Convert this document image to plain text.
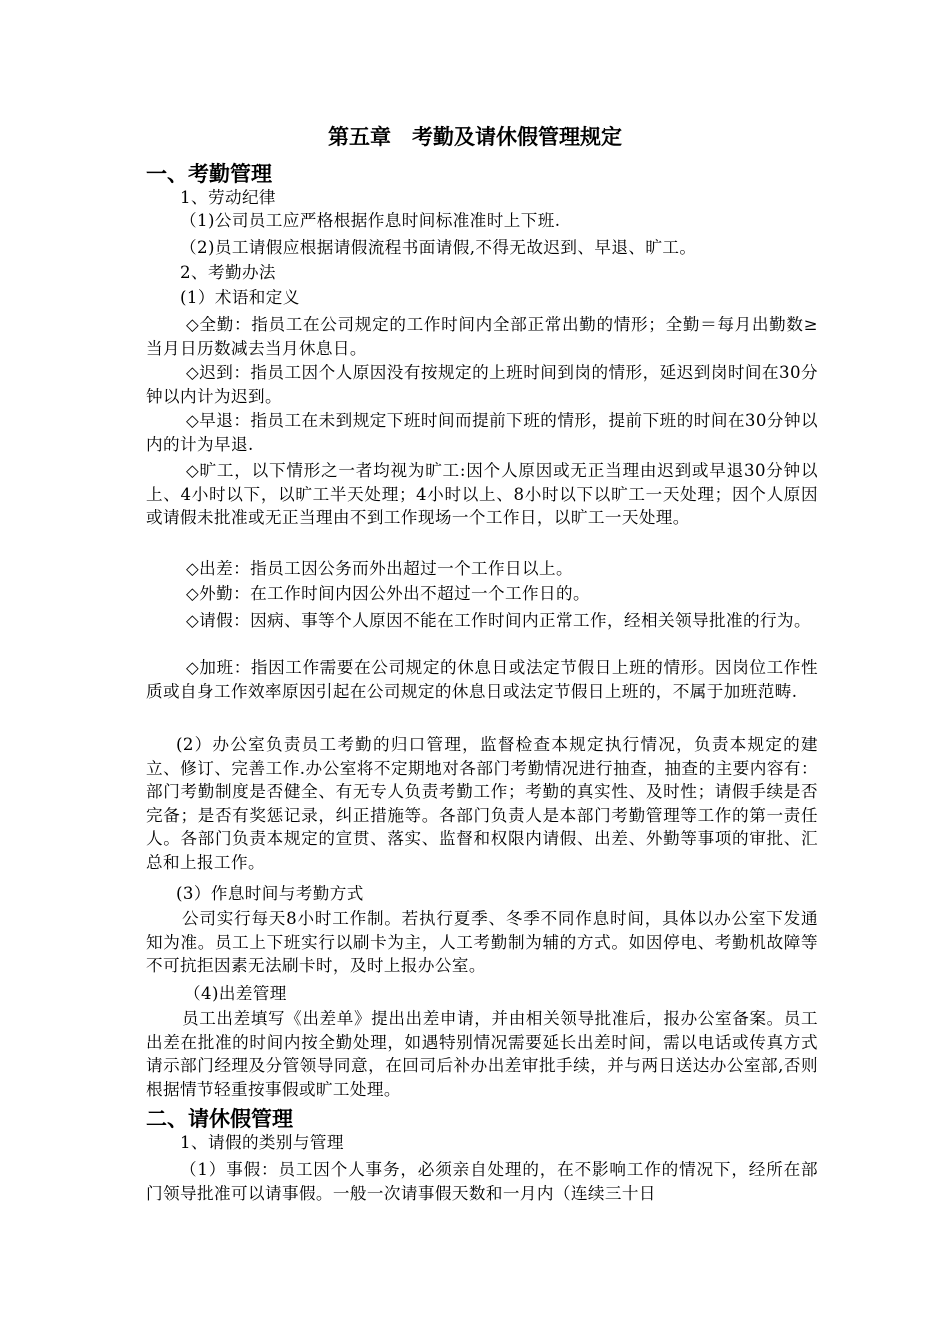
第五章　考勤及请休假管理规定
一、考勤管理
1、劳动纪律
（1)公司员工应严格根据作息时间标准准时上下班.
（2)员工请假应根据请假流程书面请假,不得无故迟到、早退、旷工。
2、考勤办法
(1）术语和定义
◇全勤：指员工在公司规定的工作时间内全部正常出勤的情形；全勤＝每月出勤数≥当月日历数减去当月休息日。
◇迟到：指员工因个人原因没有按规定的上班时间到岗的情形，延迟到岗时间在30分钟以内计为迟到。
◇早退：指员工在未到规定下班时间而提前下班的情形，提前下班的时间在30分钟以内的计为早退.
◇旷工，以下情形之一者均视为旷工:因个人原因或无正当理由迟到或早退30分钟以上、4小时以下，以旷工半天处理；4小时以上、8小时以下以旷工一天处理；因个人原因或请假未批准或无正当理由不到工作现场一个工作日，以旷工一天处理。
◇出差：指员工因公务而外出超过一个工作日以上。
◇外勤：在工作时间内因公外出不超过一个工作日的。
◇请假：因病、事等个人原因不能在工作时间内正常工作，经相关领导批准的行为。
◇加班：指因工作需要在公司规定的休息日或法定节假日上班的情形。因岗位工作性质或自身工作效率原因引起在公司规定的休息日或法定节假日上班的，不属于加班范畴.
(2）办公室负责员工考勤的归口管理，监督检查本规定执行情况，负责本规定的建立、修订、完善工作.办公室将不定期地对各部门考勤情况进行抽查，抽查的主要内容有：部门考勤制度是否健全、有无专人负责考勤工作；考勤的真实性、及时性；请假手续是否完备；是否有奖惩记录，纠正措施等。各部门负责人是本部门考勤管理等工作的第一责任人。各部门负责本规定的宣贯、落实、监督和权限内请假、出差、外勤等事项的审批、汇总和上报工作。
(3）作息时间与考勤方式
公司实行每天8小时工作制。若执行夏季、冬季不同作息时间，具体以办公室下发通知为准。员工上下班实行以刷卡为主，人工考勤制为辅的方式。如因停电、考勤机故障等不可抗拒因素无法刷卡时，及时上报办公室。
（4)出差管理
员工出差填写《出差单》提出出差申请，并由相关领导批准后，报办公室备案。员工出差在批准的时间内按全勤处理，如遇特别情况需要延长出差时间，需以电话或传真方式请示部门经理及分管领导同意，在回司后补办出差审批手续，并与两日送达办公室部,否则根据情节轻重按事假或旷工处理。
二、请休假管理
1、请假的类别与管理
（1）事假：员工因个人事务，必须亲自处理的，在不影响工作的情况下，经所在部门领导批准可以请事假。一般一次请事假天数和一月内（连续三十日
